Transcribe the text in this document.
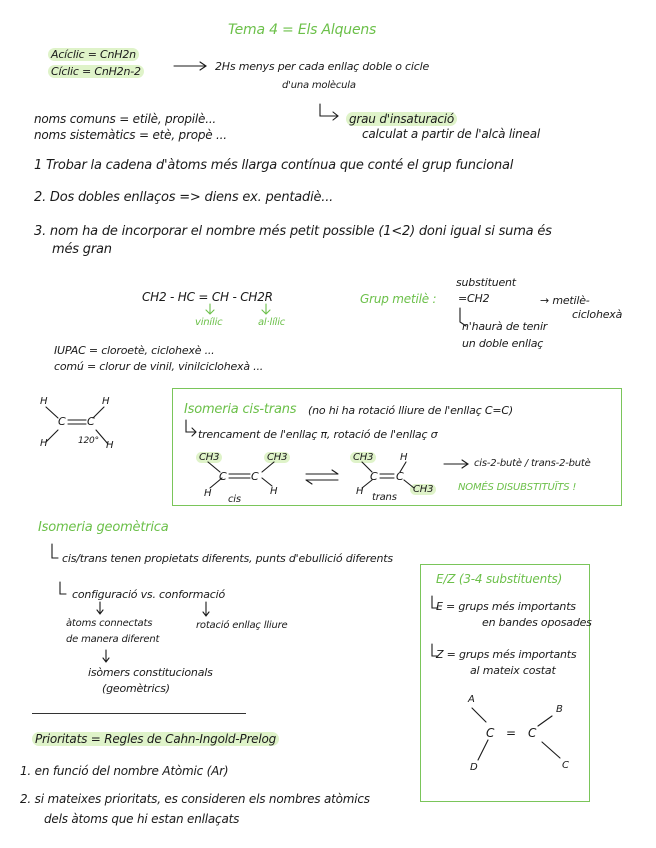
Tema 4 = Els Alquens
Acíclic = CnH2n
Cíclic = CnH2n-2	2Hs menys per cada enllaç doble o cicle
d'una molècula
grau d'insaturació
calculat a partir de l'alcà lineal
noms comuns = etilè, propilè...
noms sistemàtics = etè, propè ...
1 Trobar la cadena d'àtoms més llarga contínua que conté el grup funcional
2. Dos dobles enllaços => diens ex. pentadiè...
3. nom ha de incorporar el nombre més petit possible (1<2) doni igual si suma és
més gran
CH2 - HC = CH - CH2R
vinílic	al·lílic
Grup metilè :
substituent
=CH2
n'haurà de tenir
un doble enllaç
→ metilè-
ciclohexà
IUPAC = cloroetè, ciclohexè ...
comú = clorur de vinil, vinilciclohexà ...
H	H
C C
H	H
120°
Isomeria cis-trans (no hi ha rotació lliure de l'enllaç C=C)
trencament de l'enllaç π, rotació de l'enllaç σ
CH3	CH3
C C
H	H
cis
CH3	H
C C
H	CH3
trans
cis-2-butè / trans-2-butè
NOMÉS DISUBSTITUÏTS !
Isomeria geomètrica
cis/trans tenen propietats diferents, punts d'ebullició diferents
configuració vs. conformació
àtoms connectats
de manera diferent
rotació enllaç lliure
isòmers constitucionals
(geomètrics)
E/Z (3-4 substituents)
E = grups més importants
en bandes oposades
Z = grups més importants
al mateix costat
A
B
C = C
D	C
Prioritats = Regles de Cahn-Ingold-Prelog
1. en funció del nombre Atòmic (Ar)
2. si mateixes prioritats, es consideren els nombres atòmics
dels àtoms que hi estan enllaçats
